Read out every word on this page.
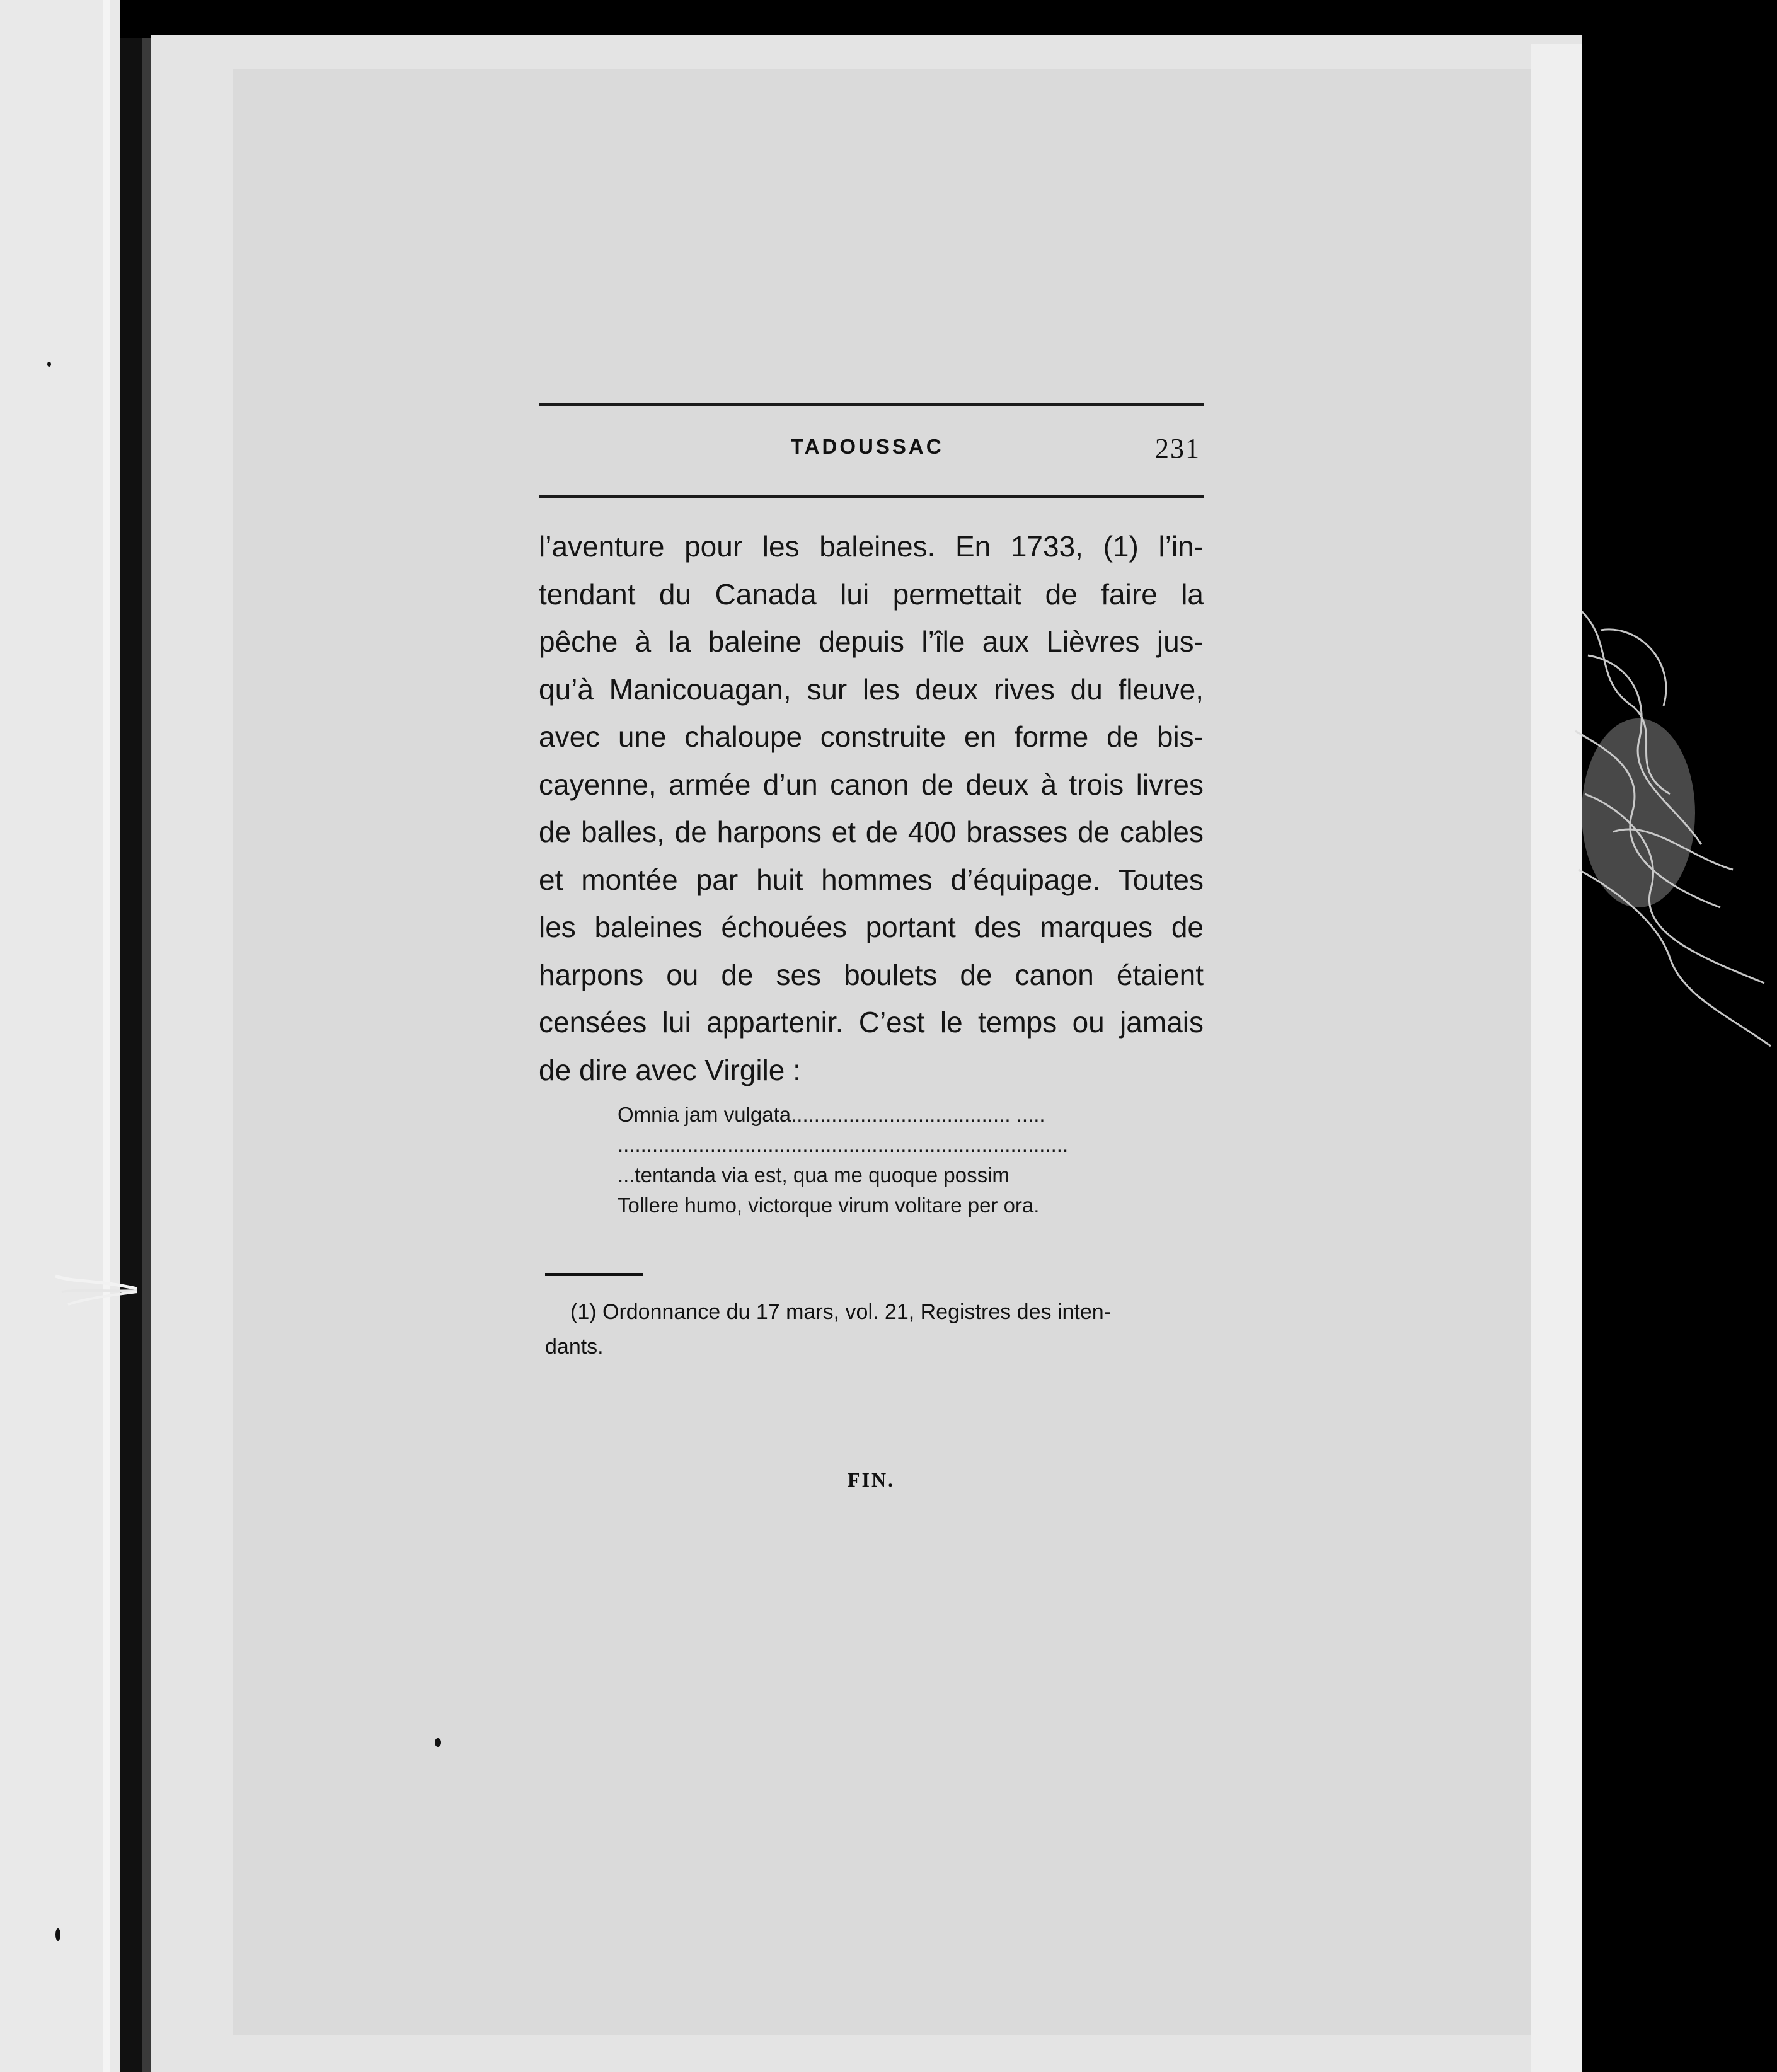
TADOUSSAC	231
l’aventure pour les baleines. En 1733, (1) l’in-
tendant du Canada lui permettait de faire la
pêche à la baleine depuis l’île aux Lièvres jus-
qu’à Manicouagan, sur les deux rives du fleuve,
avec une chaloupe construite en forme de bis-
cayenne, armée d’un canon de deux à trois livres
de balles, de harpons et de 400 brasses de cables
et montée par huit hommes d’équipage. Toutes
les baleines échouées portant des marques de
harpons ou de ses boulets de canon étaient
censées lui appartenir. C’est le temps ou jamais
de dire avec Virgile :
Omnia jam vulgata...................................... .....
..............................................................................
...tentanda via est, qua me quoque possim
Tollere humo, victorque virum volitare per ora.
(1) Ordonnance du 17 mars, vol. 21, Registres des inten-
dants.
FIN.
